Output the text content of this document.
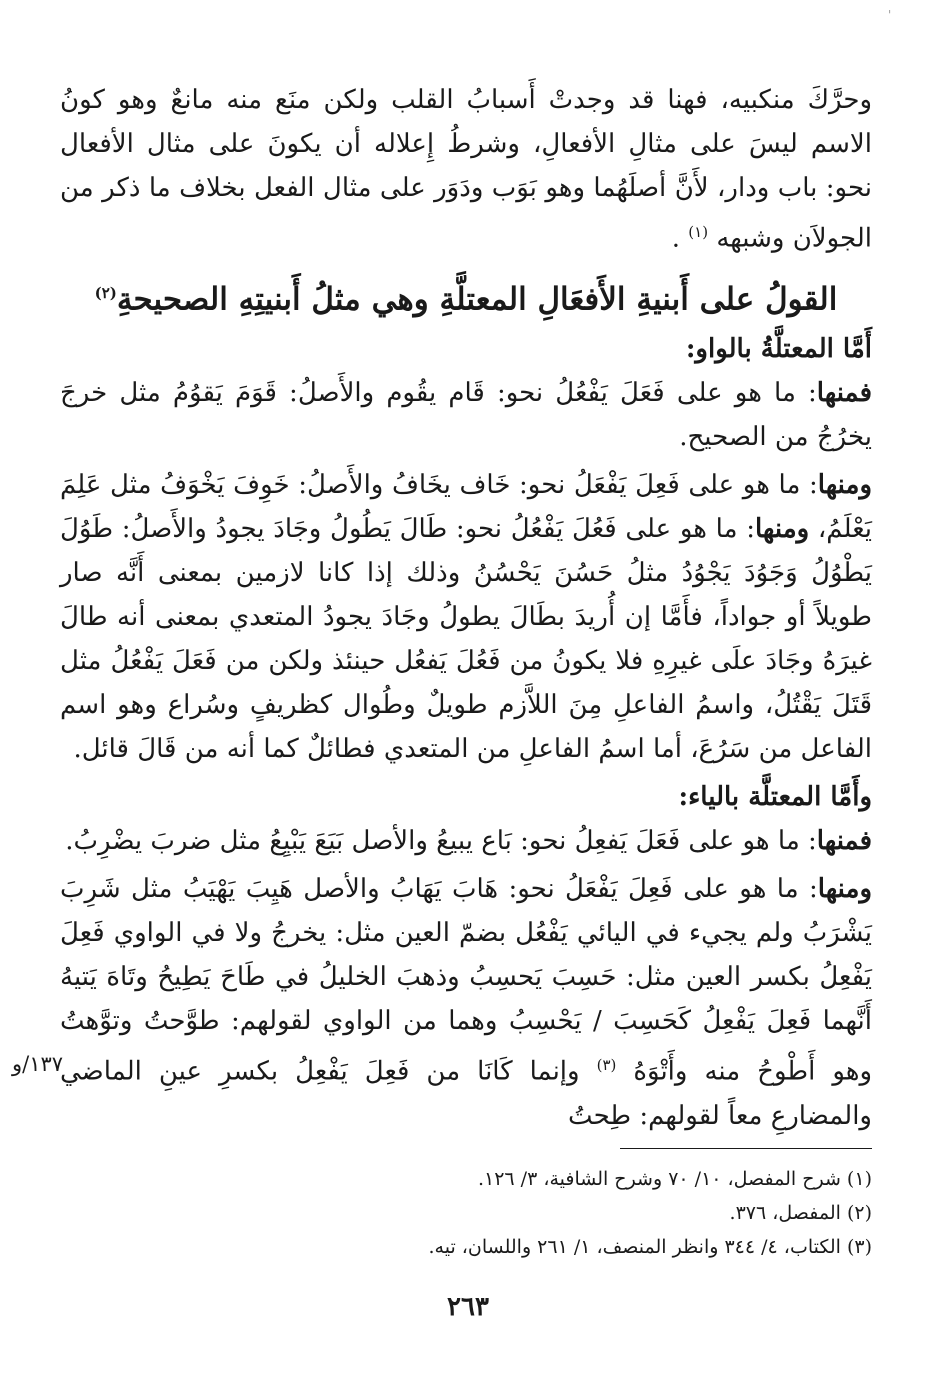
'

وحرَّكَ منكبيه، فهنا قد وجدتْ أَسبابُ القلب ولكن منَع منه مانعٌ وهو كونُ الاسم ليسَ على مثالِ الأفعالِ، وشرطُ إِعلاله أن يكونَ على مثال الأفعال نحو: باب ودار، لأَنَّ أصلَهُما وهو بَوَب ودَوَر على مثال الفعل بخلاف ما ذكر من الجولاَن وشبهه $^{(١)}$ .

القولُ على أَبنيةِ الأَفعَالِ المعتلَّةِ وهي مثلُ أَبنيتِهِ الصحيحةِ$^{(٢)}$

أَمَّا المعتلَّةُ بالواو:

فمنها: ما هو على فَعَلَ يَفْعُلُ نحو: قَام يقُوم والأَصلُ: قَوَمَ يَقوُمُ مثل خرجَ يخرُجُ من الصحيح.

ومنها: ما هو على فَعِلَ يَفْعَلُ نحو: خَاف يخَافُ والأَصلُ: خَوِفَ يَخْوَفُ مثل عَلِمَ يَعْلَمُ، ومنها: ما هو على فَعُلَ يَفْعُلُ نحو: طَالَ يَطُولُ وجَادَ يجودُ والأَصلُ: طَوُلَ يَطْوُلُ وَجَوُدَ يَجْوُدُ مثلُ حَسُنَ يَحْسُنُ وذلك إذا كانا لازمين بمعنى أَنَّه صار طويلاً أو جواداً، فأَمَّا إن أُريدَ بطَالَ يطولُ وجَادَ يجودُ المتعدي بمعنى أنه طالَ غيرَهُ وجَادَ علَى غيرِهِ فلا يكونُ من فَعُلَ يَفعُل حينئذ ولكن من فَعَلَ يَفْعُلُ مثل قَتَلَ يَقْتُلُ، واسمُ الفاعلِ مِنَ اللاَّزم طويلٌ وطُوال كظريفٍ وسُراع وهو اسم الفاعل من سَرُعَ، أما اسمُ الفاعلِ من المتعدي فطائلٌ كما أنه من قَالَ قائل.

وأَمَّا المعتلَّة بالياء:

فمنها: ما هو على فَعَلَ يَفعِلُ نحو: بَاع يبيعُ والأصل بَيَعَ يَبْيِعُ مثل ضربَ يضْرِبُ.

ومنها: ما هو على فَعِلَ يَفْعَلُ نحو: هَابَ يَهَابُ والأصل هَيِبَ يَهْيَبُ مثل شَرِبَ يَشْرَبُ ولم يجيء في اليائي يَفْعُل بضمّ العين مثل: يخرجُ ولا في الواوي فَعِلَ يَفْعِلُ بكسر العين مثل: حَسِبَ يَحسِبُ وذهبَ الخليلُ في طَاحَ يَطِيحُ وتَاهَ يَتيهُ أَنَّهما فَعِلَ يَفْعِلُ كَحَسِبَ / يَحْسِبُ وهما من الواوي لقولهم: طوَّحتُ وتوَّهتُ وهو أَطْوحُ منه وأَتْوَهُ $^{(٣)}$ وإنما كَانَا من فَعِلَ يَفْعِلُ بكسرِ عينِ الماضي والمضارعِ معاً لقولهم: طِحتُ

١٣٧/و
(١) شرح المفصل، ١٠/ ٧٠ وشرح الشافية، ٣/ ١٢٦.
(٢) المفصل، ٣٧٦.
(٣) الكتاب، ٤/ ٣٤٤ وانظر المنصف، ١/ ٢٦١ واللسان، تيه.
٢٦٣
